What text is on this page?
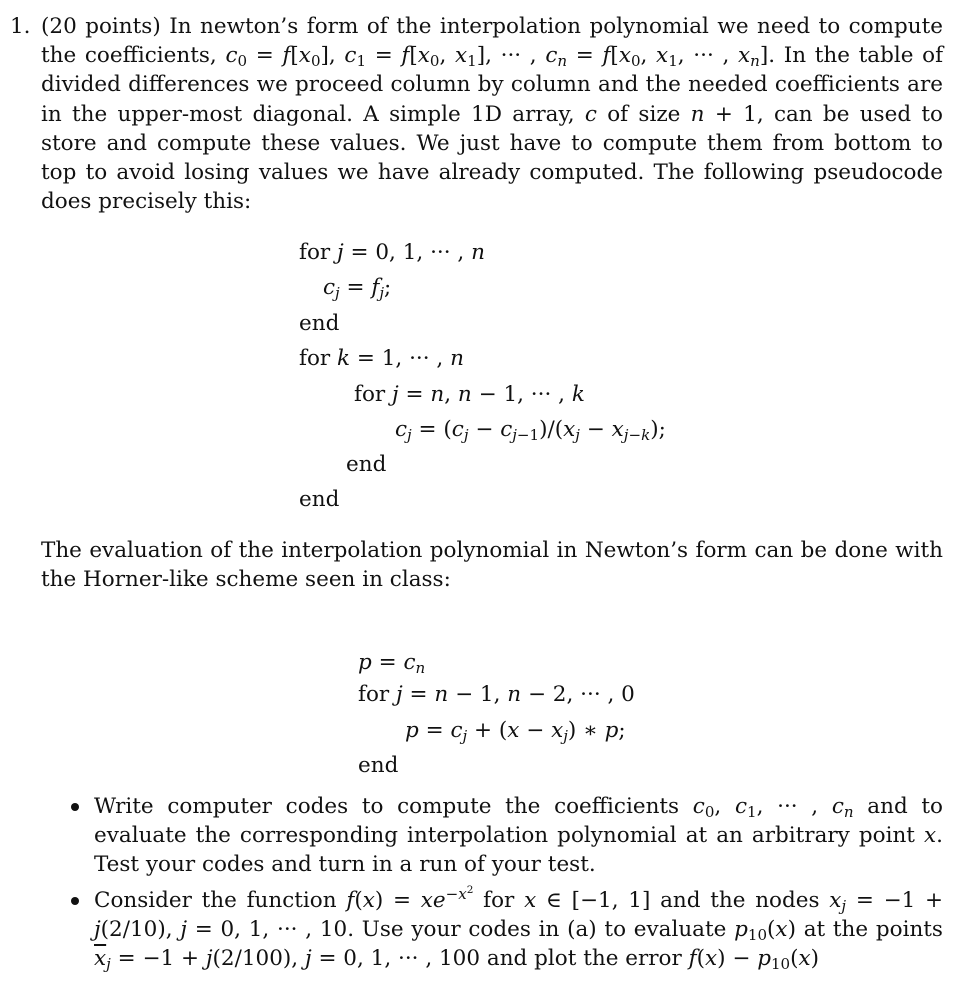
1. (20 points) In newton’s form of the interpolation polynomial we need to compute the coefficients, $c_0 = f[x_0]$, $c_1 = f[x_0$, $x_1$], ··· , $c_n = f[x_0$, $x_1$, ··· , $x_n$]. In the table of divided differences we proceed column by column and the needed coefficients are in the upper-most diagonal. A simple 1D array, c of size n + 1, can be used to store and compute these values. We just have to compute them from bottom to top to avoid losing values we have already computed. The following pseudocode does precisely this:
for j = 0, 1, ··· , n
$c_j = f_j$;
end
for k = 1, ··· , n
for j = n, n − 1, ··· , k
$c_j = (c_j - c_{j-1})/(x_j - x_{j-k})$;
end
end
The evaluation of the interpolation polynomial in Newton’s form can be done with the Horner-like scheme seen in class:
$p = c_n$
for j = n − 1, n − 2, ··· , 0
$p = c_j + (x - x_j)$ ∗ p;
end
Write computer codes to compute the coefficients $c_0$, $c_1$, ··· , $c_n$ and to evaluate the corresponding interpolation polynomial at an arbitrary point x. Test your codes and turn in a run of your test.
Consider the function $f(x) = xe^{-x^2}$ for x ∈ [−1, 1] and the nodes $x_j = -1 + j(2/10)$, j = 0, 1, ··· , 10. Use your codes in (a) to evaluate $p_{10}(x)$ at the points $\overline{x}_j = -1 + j(2/100)$, j = 0, 1, ··· , 100 and plot the error $f(x) - p_{10}(x)$
